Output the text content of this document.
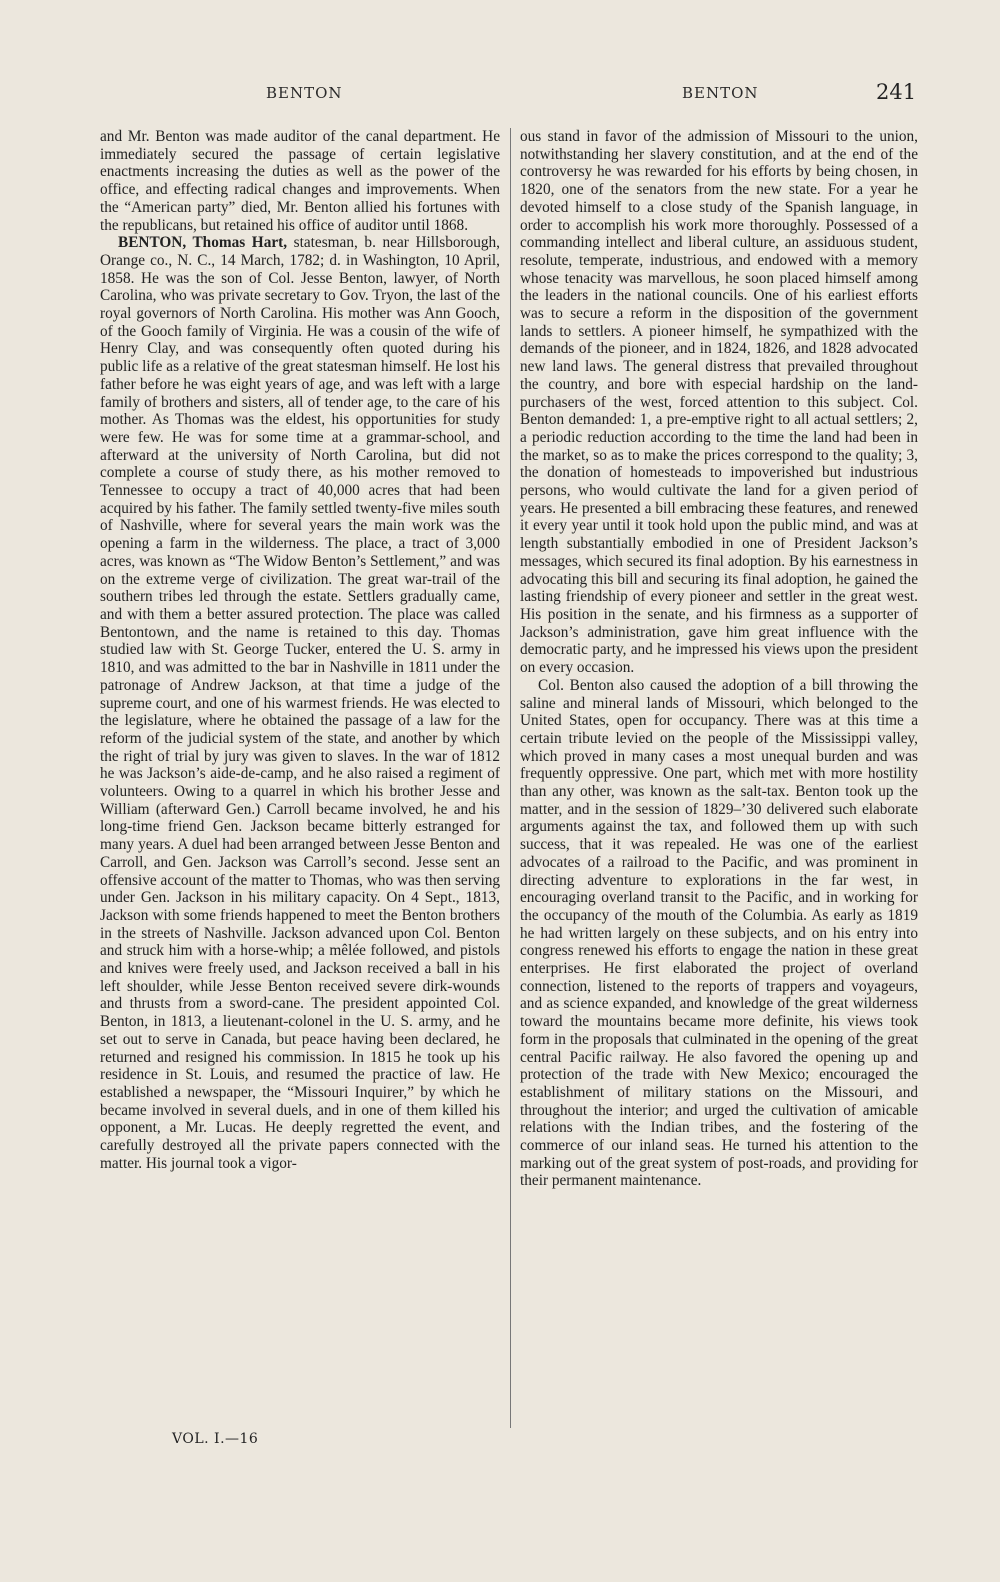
BENTON	BENTON	241

and Mr. Benton was made auditor of the canal department. He immediately secured the passage of certain legislative enactments increasing the duties as well as the power of the office, and effecting radical changes and improvements. When the “American party” died, Mr. Benton allied his fortunes with the republicans, but retained his office of auditor until 1868.

BENTON, Thomas Hart, statesman, b. near Hillsborough, Orange co., N. C., 14 March, 1782; d. in Washington, 10 April, 1858. He was the son of Col. Jesse Benton, lawyer, of North Carolina, who was private secretary to Gov. Tryon, the last of the royal governors of North Carolina. His mother was Ann Gooch, of the Gooch family of Virginia. He was a cousin of the wife of Henry Clay, and was consequently often quoted during his public life as a relative of the great statesman himself. He lost his father before he was eight years of age, and was left with a large family of brothers and sisters, all of tender age, to the care of his mother. As Thomas was the eldest, his opportunities for study were few. He was for some time at a grammar-school, and afterward at the university of North Carolina, but did not complete a course of study there, as his mother removed to Tennessee to occupy a tract of 40,000 acres that had been acquired by his father. The family settled twenty-five miles south of Nashville, where for several years the main work was the opening a farm in the wilderness. The place, a tract of 3,000 acres, was known as “The Widow Benton’s Settlement,” and was on the extreme verge of civilization. The great war-trail of the southern tribes led through the estate. Settlers gradually came, and with them a better assured protection. The place was called Bentontown, and the name is retained to this day. Thomas studied law with St. George Tucker, entered the U. S. army in 1810, and was admitted to the bar in Nashville in 1811 under the patronage of Andrew Jackson, at that time a judge of the supreme court, and one of his warmest friends. He was elected to the legislature, where he obtained the passage of a law for the reform of the judicial system of the state, and another by which the right of trial by jury was given to slaves. In the war of 1812 he was Jackson’s aide-de-camp, and he also raised a regiment of volunteers. Owing to a quarrel in which his brother Jesse and William (afterward Gen.) Carroll became involved, he and his long-time friend Gen. Jackson became bitterly estranged for many years. A duel had been arranged between Jesse Benton and Carroll, and Gen. Jackson was Carroll’s second. Jesse sent an offensive account of the matter to Thomas, who was then serving under Gen. Jackson in his military capacity. On 4 Sept., 1813, Jackson with some friends happened to meet the Benton brothers in the streets of Nashville. Jackson advanced upon Col. Benton and struck him with a horse-whip; a mêlée followed, and pistols and knives were freely used, and Jackson received a ball in his left shoulder, while Jesse Benton received severe dirk-wounds and thrusts from a sword-cane. The president appointed Col. Benton, in 1813, a lieutenant-colonel in the U. S. army, and he set out to serve in Canada, but peace having been declared, he returned and resigned his commission. In 1815 he took up his residence in St. Louis, and resumed the practice of law. He established a newspaper, the “Missouri Inquirer,” by which he became involved in several duels, and in one of them killed his opponent, a Mr. Lucas. He deeply regretted the event, and carefully destroyed all the private papers connected with the matter. His journal took a vigor-

ous stand in favor of the admission of Missouri to the union, notwithstanding her slavery constitution, and at the end of the controversy he was rewarded for his efforts by being chosen, in 1820, one of the senators from the new state. For a year he devoted himself to a close study of the Spanish language, in order to accomplish his work more thoroughly. Possessed of a commanding intellect and liberal culture, an assiduous student, resolute, temperate, industrious, and endowed with a memory whose tenacity was marvellous, he soon placed himself among the leaders in the national councils. One of his earliest efforts was to secure a reform in the disposition of the government lands to settlers. A pioneer himself, he sympathized with the demands of the pioneer, and in 1824, 1826, and 1828 advocated new land laws. The general distress that prevailed throughout the country, and bore with especial hardship on the land-purchasers of the west, forced attention to this subject. Col. Benton demanded: 1, a pre-emptive right to all actual settlers; 2, a periodic reduction according to the time the land had been in the market, so as to make the prices correspond to the quality; 3, the donation of homesteads to impoverished but industrious persons, who would cultivate the land for a given period of years. He presented a bill embracing these features, and renewed it every year until it took hold upon the public mind, and was at length substantially embodied in one of President Jackson’s messages, which secured its final adoption. By his earnestness in advocating this bill and securing its final adoption, he gained the lasting friendship of every pioneer and settler in the great west. His position in the senate, and his firmness as a supporter of Jackson’s administration, gave him great influence with the democratic party, and he impressed his views upon the president on every occasion.

Col. Benton also caused the adoption of a bill throwing the saline and mineral lands of Missouri, which belonged to the United States, open for occupancy. There was at this time a certain tribute levied on the people of the Mississippi valley, which proved in many cases a most unequal burden and was frequently oppressive. One part, which met with more hostility than any other, was known as the salt-tax. Benton took up the matter, and in the session of 1829–’30 delivered such elaborate arguments against the tax, and followed them up with such success, that it was repealed. He was one of the earliest advocates of a railroad to the Pacific, and was prominent in directing adventure to explorations in the far west, in encouraging overland transit to the Pacific, and in working for the occupancy of the mouth of the Columbia. As early as 1819 he had written largely on these subjects, and on his entry into congress renewed his efforts to engage the nation in these great enterprises. He first elaborated the project of overland connection, listened to the reports of trappers and voyageurs, and as science expanded, and knowledge of the great wilderness toward the mountains became more definite, his views took form in the proposals that culminated in the opening of the great central Pacific railway. He also favored the opening up and protection of the trade with New Mexico; encouraged the establishment of military stations on the Missouri, and throughout the interior; and urged the cultivation of amicable relations with the Indian tribes, and the fostering of the commerce of our inland seas. He turned his attention to the marking out of the great system of post-roads, and providing for their permanent maintenance.

VOL. I.—16
